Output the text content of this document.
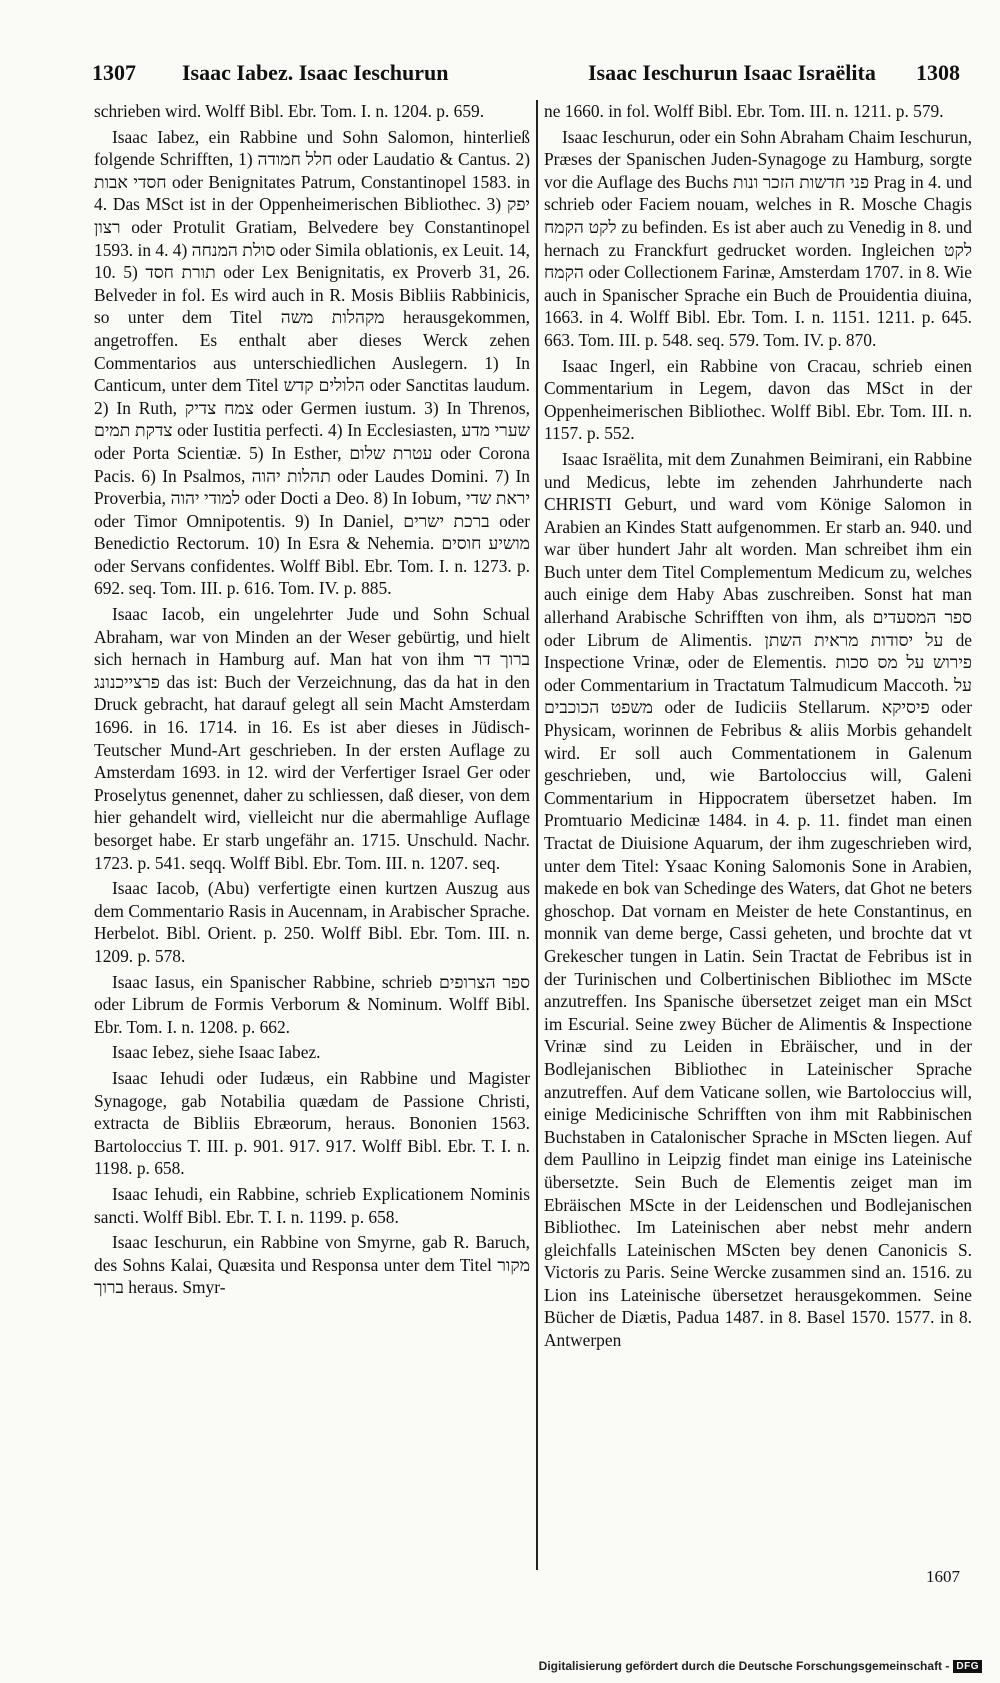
1307 Isaac Iabez. Isaac Ieschurun	Isaac Ieschurun Isaac Israëlita 1308

schrieben wird. Wolff Bibl. Ebr. Tom. I. n. 1204. p. 659.

Isaac Iabez, ein Rabbine und Sohn Salomon, hinterließ folgende Schrifften, 1) חלל חמודה oder Laudatio & Cantus. 2) חסדי אבות oder Benignitates Patrum, Constantinopel 1583. in 4. Das MSct ist in der Oppenheimerischen Bibliothec. 3) יפק רצון oder Protulit Gratiam, Belvedere bey Constantinopel 1593. in 4. 4) סולת המנחה oder Simila oblationis, ex Leuit. 14, 10. 5) תורת חסד oder Lex Benignitatis, ex Proverb 31, 26. Belveder in fol. Es wird auch in R. Mosis Bibliis Rabbinicis, so unter dem Titel מקהלות משה herausgekommen, angetroffen. Es enthalt aber dieses Werck zehen Commentarios aus unterschiedlichen Auslegern. 1) In Canticum, unter dem Titel הלולים קדש oder Sanctitas laudum. 2) In Ruth, צמח צדיק oder Germen iustum. 3) In Threnos, צדקת תמים oder Iustitia perfecti. 4) In Ecclesiasten, שערי מדע oder Porta Scientiæ. 5) In Esther, עטרת שלום oder Corona Pacis. 6) In Psalmos, תהלות יהוה oder Laudes Domini. 7) In Proverbia, למודי יהוה oder Docti a Deo. 8) In Iobum, יראת שדי oder Timor Omnipotentis. 9) In Daniel, ברכת ישרים oder Benedictio Rectorum. 10) In Esra & Nehemia. מושיע חוסים oder Servans confidentes. Wolff Bibl. Ebr. Tom. I. n. 1273. p. 692. seq. Tom. III. p. 616. Tom. IV. p. 885.

Isaac Iacob, ein ungelehrter Jude und Sohn Schual Abraham, war von Minden an der Weser gebürtig, und hielt sich hernach in Hamburg auf. Man hat von ihm ברוך דר פרצייכנונג das ist: Buch der Verzeichnung, das da hat in den Druck gebracht, hat darauf gelegt all sein Macht Amsterdam 1696. in 16. 1714. in 16. Es ist aber dieses in Jüdisch-Teutscher Mund-Art geschrieben. In der ersten Auflage zu Amsterdam 1693. in 12. wird der Verfertiger Israel Ger oder Proselytus genennet, daher zu schliessen, daß dieser, von dem hier gehandelt wird, vielleicht nur die abermahlige Auflage besorget habe. Er starb ungefähr an. 1715. Unschuld. Nachr. 1723. p. 541. seqq. Wolff Bibl. Ebr. Tom. III. n. 1207. seq.

Isaac Iacob, (Abu) verfertigte einen kurtzen Auszug aus dem Commentario Rasis in Aucennam, in Arabischer Sprache. Herbelot. Bibl. Orient. p. 250. Wolff Bibl. Ebr. Tom. III. n. 1209. p. 578.

Isaac Iasus, ein Spanischer Rabbine, schrieb ספר הצרופים oder Librum de Formis Verborum & Nominum. Wolff Bibl. Ebr. Tom. I. n. 1208. p. 662.

Isaac Iebez, siehe Isaac Iabez.

Isaac Iehudi oder Iudæus, ein Rabbine und Magister Synagoge, gab Notabilia quædam de Passione Christi, extracta de Bibliis Ebræorum, heraus. Bononien 1563. Bartoloccius T. III. p. 901. 917. 917. Wolff Bibl. Ebr. T. I. n. 1198. p. 658.

Isaac Iehudi, ein Rabbine, schrieb Explicationem Nominis sancti. Wolff Bibl. Ebr. T. I. n. 1199. p. 658.

Isaac Ieschurun, ein Rabbine von Smyrne, gab R. Baruch, des Sohns Kalai, Quæsita und Responsa unter dem Titel מקור ברוך heraus. Smyr-

ne 1660. in fol. Wolff Bibl. Ebr. Tom. III. n. 1211. p. 579.

Isaac Ieschurun, oder ein Sohn Abraham Chaim Ieschurun, Præses der Spanischen Juden-Synagoge zu Hamburg, sorgte vor die Auflage des Buchs פני חדשות הזכר ונות Prag in 4. und schrieb oder Faciem nouam, welches in R. Mosche Chagis לקט הקמח zu befinden. Es ist aber auch zu Venedig in 8. und hernach zu Franckfurt gedrucket worden. Ingleichen לקט הקמח oder Collectionem Farinæ, Amsterdam 1707. in 8. Wie auch in Spanischer Sprache ein Buch de Prouidentia diuina, 1663. in 4. Wolff Bibl. Ebr. Tom. I. n. 1151. 1211. p. 645. 663. Tom. III. p. 548. seq. 579. Tom. IV. p. 870.

Isaac Ingerl, ein Rabbine von Cracau, schrieb einen Commentarium in Legem, davon das MSct in der Oppenheimerischen Bibliothec. Wolff Bibl. Ebr. Tom. III. n. 1157. p. 552.

Isaac Israëlita, mit dem Zunahmen Beimirani, ein Rabbine und Medicus, lebte im zehenden Jahrhunderte nach CHRISTI Geburt, und ward vom Könige Salomon in Arabien an Kindes Statt aufgenommen. Er starb an. 940. und war über hundert Jahr alt worden. Man schreibet ihm ein Buch unter dem Titel Complementum Medicum zu, welches auch einige dem Haby Abas zuschreiben. Sonst hat man allerhand Arabische Schrifften von ihm, als ספר המסעדים oder Librum de Alimentis. על יסודות מראית השתן de Inspectione Vrinæ, oder de Elementis. פירוש על מס סכות oder Commentarium in Tractatum Talmudicum Maccoth. על משפט הכוכבים oder de Iudiciis Stellarum. פיסיקא oder Physicam, worinnen de Febribus & aliis Morbis gehandelt wird. Er soll auch Commentationem in Galenum geschrieben, und, wie Bartoloccius will, Galeni Commentarium in Hippocratem übersetzet haben. Im Promtuario Medicinæ 1484. in 4. p. 11. findet man einen Tractat de Diuisione Aquarum, der ihm zugeschrieben wird, unter dem Titel: Ysaac Koning Salomonis Sone in Arabien, makede en bok van Schedinge des Waters, dat Ghot ne beters ghoschop. Dat vornam en Meister de hete Constantinus, en monnik van deme berge, Cassi geheten, und brochte dat vt Grekescher tungen in Latin. Sein Tractat de Febribus ist in der Turinischen und Colbertinischen Bibliothec im MScte anzutreffen. Ins Spanische übersetzet zeiget man ein MSct im Escurial. Seine zwey Bücher de Alimentis & Inspectione Vrinæ sind zu Leiden in Ebräischer, und in der Bodlejanischen Bibliothec in Lateinischer Sprache anzutreffen. Auf dem Vaticane sollen, wie Bartoloccius will, einige Medicinische Schrifften von ihm mit Rabbinischen Buchstaben in Catalonischer Sprache in MScten liegen. Auf dem Paullino in Leipzig findet man einige ins Lateinische übersetzte. Sein Buch de Elementis zeiget man im Ebräischen MScte in der Leidenschen und Bodlejanischen Bibliothec. Im Lateinischen aber nebst mehr andern gleichfalls Lateinischen MScten bey denen Canonicis S. Victoris zu Paris. Seine Wercke zusammen sind an. 1516. zu Lion ins Lateinische übersetzet herausgekommen. Seine Bücher de Diætis, Padua 1487. in 8. Basel 1570. 1577. in 8. Antwerpen

1607
Digitalisierung gefördert durch die Deutsche Forschungsgemeinschaft - DFG
